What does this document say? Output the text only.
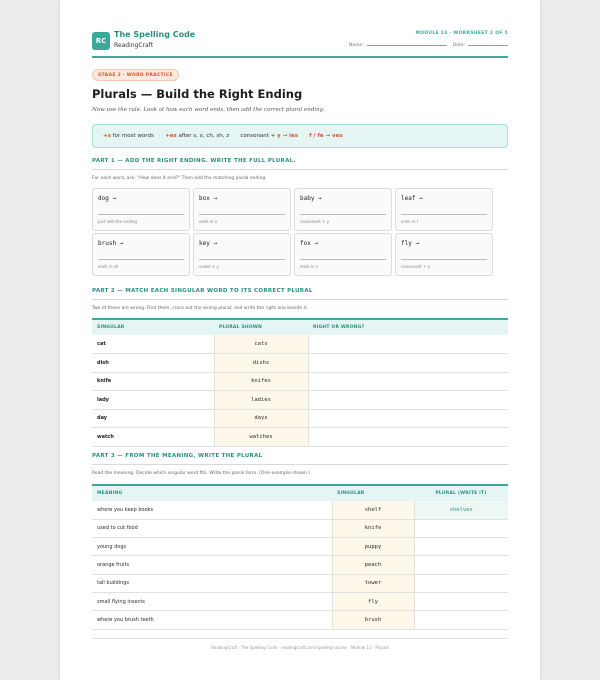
RC
The Spelling Code
ReadingCraft
MODULE 13 · WORKSHEET 2 OF 5
Name:	Date:
STAGE 2 · WORD PRACTICE
Plurals — Build the Right Ending
Now use the rule. Look at how each word ends, then add the correct plural ending.
+s for most words · +es after s, x, ch, sh, z · consonant + y → ies · f / fe → ves
PART 1 — ADD THE RIGHT ENDING. WRITE THE FULL PLURAL.
For each word, ask: "How does it end?" Then add the matching plural ending.
dog →
just add the ending
box →
ends in x
baby →
consonant + y
leaf →
ends in f
brush →
ends in sh
key →
vowel + y
fox →
ends in x
fly →
consonant + y
PART 2 — MATCH EACH SINGULAR WORD TO ITS CORRECT PLURAL
Two of these are wrong. Find them, cross out the wrong plural, and write the right one beside it.
SINGULAR	PLURAL SHOWN	RIGHT OR WRONG?
cat	cats	
dish	dishs	
knife	knifes	
lady	ladies	
day	days	
watch	watches	
PART 3 — FROM THE MEANING, WRITE THE PLURAL
Read the meaning. Decide which singular word fits. Write the plural form. (One example shown.)
MEANING	SINGULAR	PLURAL (WRITE IT)
where you keep books	shelf	shelves
used to cut food	knife	
young dogs	puppy	
orange fruits	peach	
tall buildings	tower	
small flying insects	fly	
where you brush teeth	brush	
ReadingCraft · The Spelling Code · readingcraft.com/spelling-course · Module 13 · Plurals
